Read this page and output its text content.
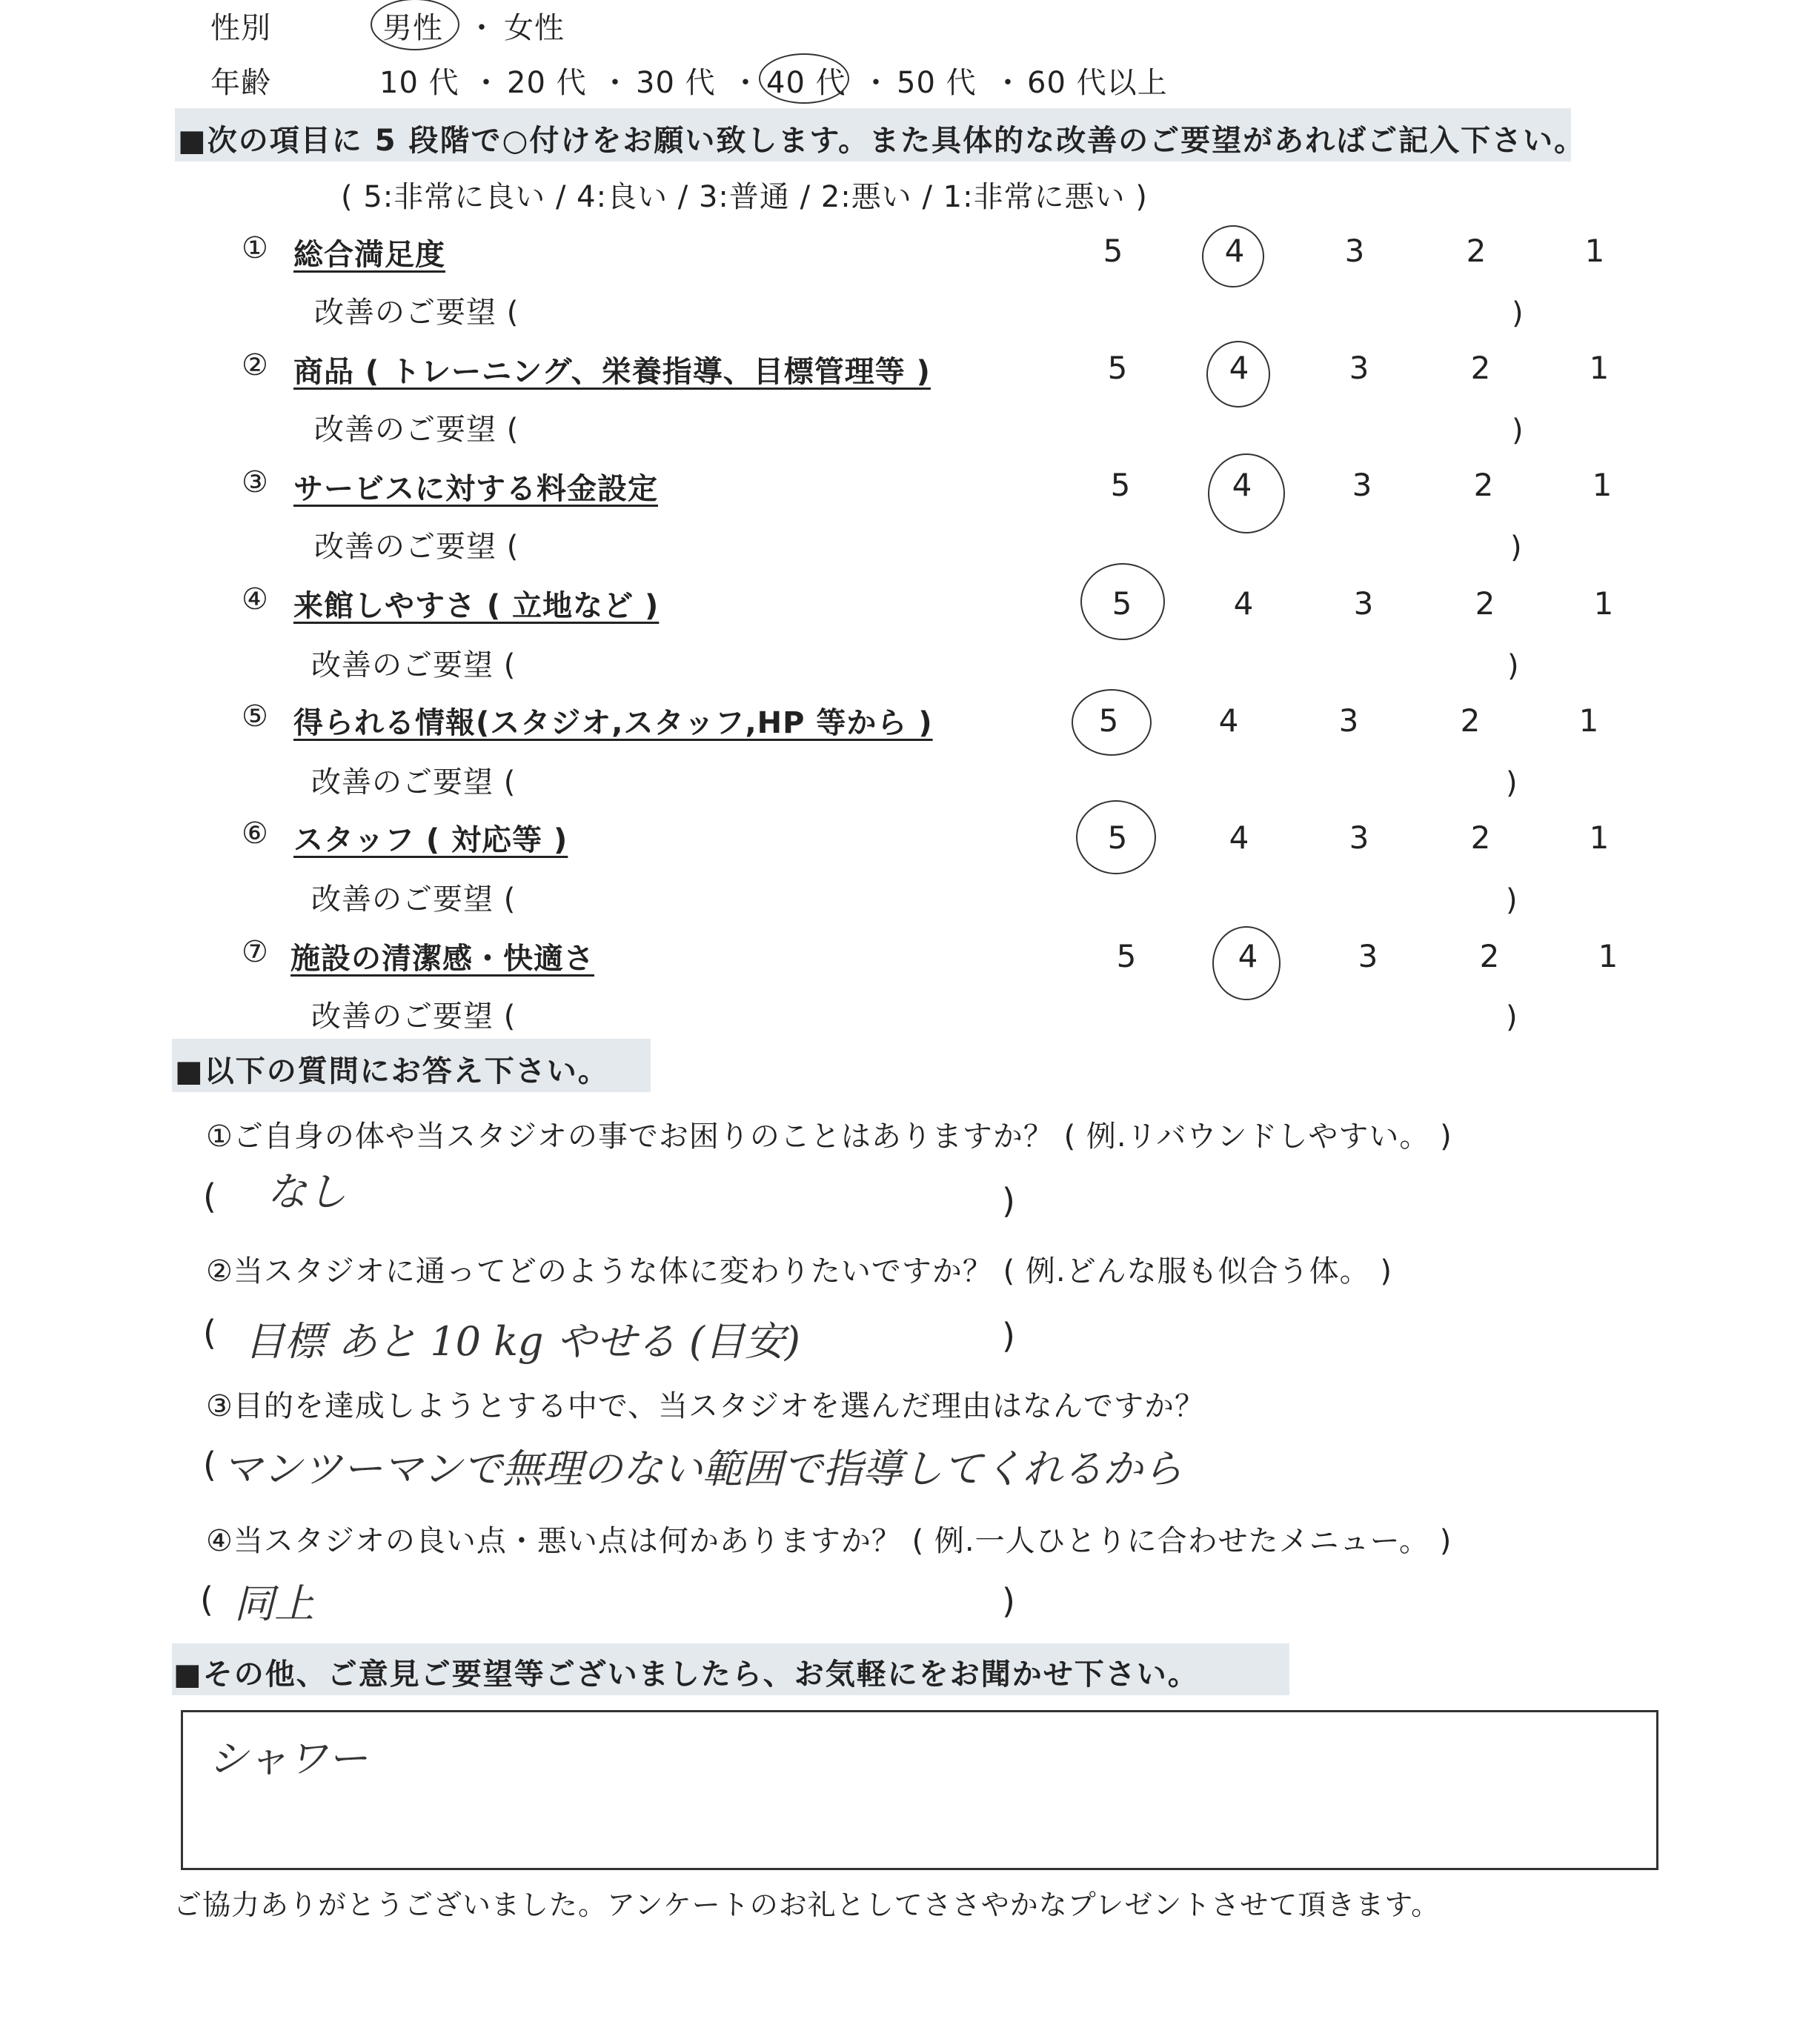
性別	男性 ・ 女性
年齢	10 代 ・ 20 代 ・ 30 代 ・ 40 代 ・ 50 代 ・ 60 代以上
■次の項目に 5 段階で○付けをお願い致します。また具体的な改善のご要望があればご記入下さい。
( 5:非常に良い / 4:良い / 3:普通 / 2:悪い / 1:非常に悪い )
① 総合満足度	5	4	3	2	1
改善のご要望 (	)
② 商品 ( トレーニング、栄養指導、目標管理等 )	5	4	3	2	1
改善のご要望 (	)
③ サービスに対する料金設定	5	4	3	2	1
改善のご要望 (	)
④ 来館しやすさ ( 立地など )	5	4	3	2	1
改善のご要望 (	)
⑤ 得られる情報(スタジオ,スタッフ,HP 等から )	5	4	3	2	1
改善のご要望 (	)
⑥ スタッフ ( 対応等 )	5	4	3	2	1
改善のご要望 (	)
⑦ 施設の清潔感・快適さ	5	4	3	2	1
改善のご要望 (	)
■以下の質問にお答え下さい。
①ご自身の体や当スタジオの事でお困りのことはありますか？ ( 例.リバウンドしやすい。 )
( なし	)
②当スタジオに通ってどのような体に変わりたいですか？ ( 例.どんな服も似合う体。 )
( 目標 あと 10 kg やせる (目安)	)
③目的を達成しようとする中で、当スタジオを選んだ理由はなんですか？
( マンツーマンで無理のない範囲で指導してくれるから
④当スタジオの良い点・悪い点は何かありますか？ ( 例.一人ひとりに合わせたメニュー。 )
( 同上	)
■その他、ご意見ご要望等ございましたら、お気軽にをお聞かせ下さい。
シャワー
ご協力ありがとうございました。アンケートのお礼としてささやかなプレゼントさせて頂きます。
